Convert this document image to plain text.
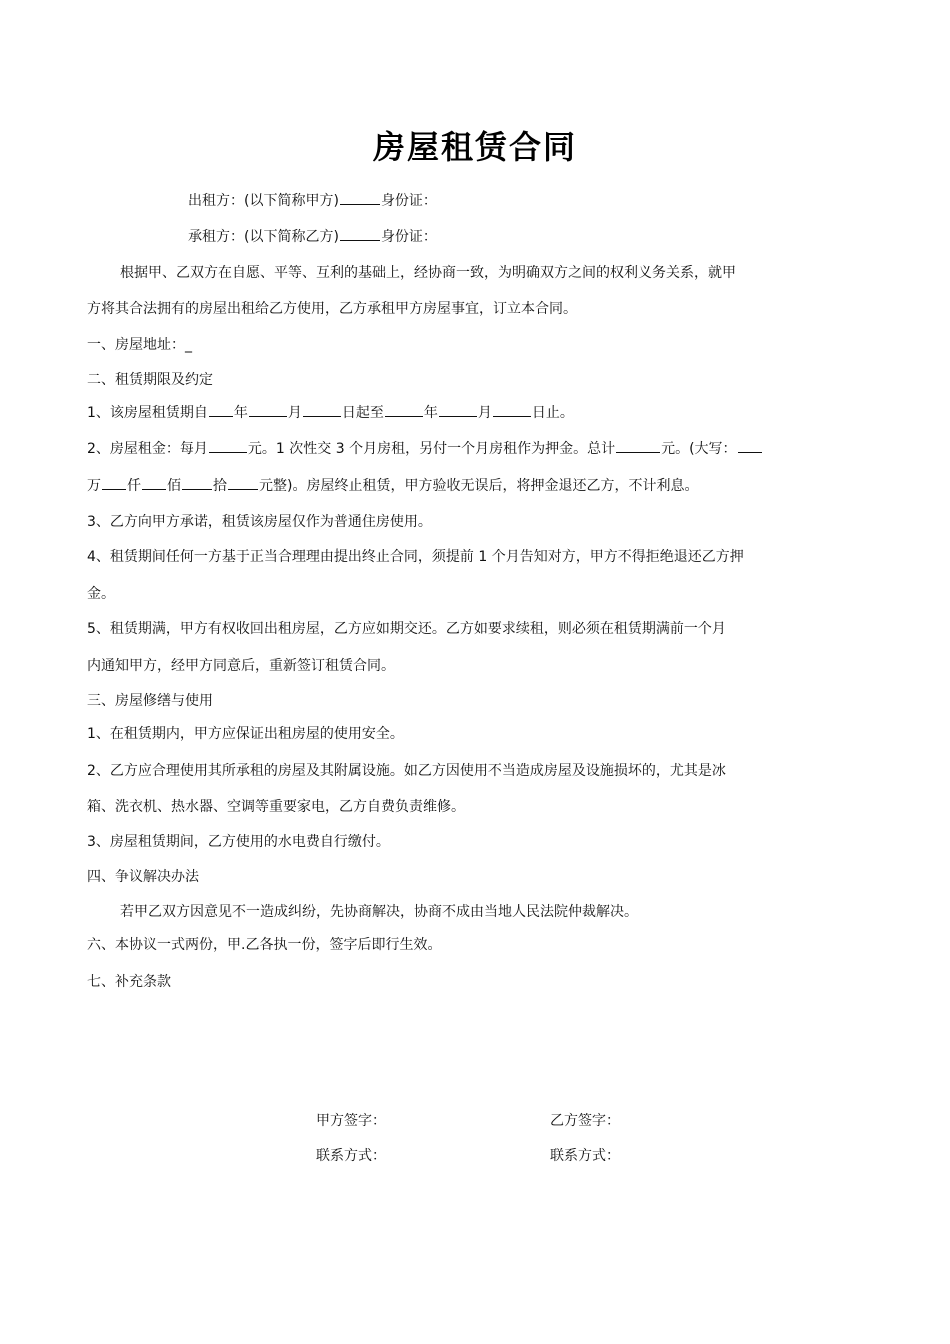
房屋租赁合同
出租方：(以下简称甲方)	身份证：
承租方：(以下简称乙方)	身份证：
根据甲、乙双方在自愿、平等、互利的基础上，经协商一致，为明确双方之间的权利义务关系，就甲
方将其合法拥有的房屋出租给乙方使用，乙方承租甲方房屋事宜，订立本合同。
一、房屋地址：_
二、租赁期限及约定
1、该房屋租赁期自 年	月	日起至	年	月	日止。
2、房屋租金：每月	元。1 次性交 3 个月房租，另付一个月房租作为押金。总计	元。(大写：
万 仟 佰 拾 元整)。房屋终止租赁，甲方验收无误后，将押金退还乙方，不计利息。
3、乙方向甲方承诺，租赁该房屋仅作为普通住房使用。
4、租赁期间任何一方基于正当合理理由提出终止合同，须提前 1 个月告知对方，甲方不得拒绝退还乙方押
金。
5、租赁期满，甲方有权收回出租房屋，乙方应如期交还。乙方如要求续租，则必须在租赁期满前一个月
内通知甲方，经甲方同意后，重新签订租赁合同。
三、房屋修缮与使用
1、在租赁期内，甲方应保证出租房屋的使用安全。
2、乙方应合理使用其所承租的房屋及其附属设施。如乙方因使用不当造成房屋及设施损坏的，尤其是冰
箱、洗衣机、热水器、空调等重要家电，乙方自费负责维修。
3、房屋租赁期间，乙方使用的水电费自行缴付。
四、争议解决办法
若甲乙双方因意见不一造成纠纷，先协商解决，协商不成由当地人民法院仲裁解决。
六、本协议一式两份，甲.乙各执一份，签字后即行生效。
七、补充条款
甲方签字：	乙方签字：
联系方式：	联系方式：
